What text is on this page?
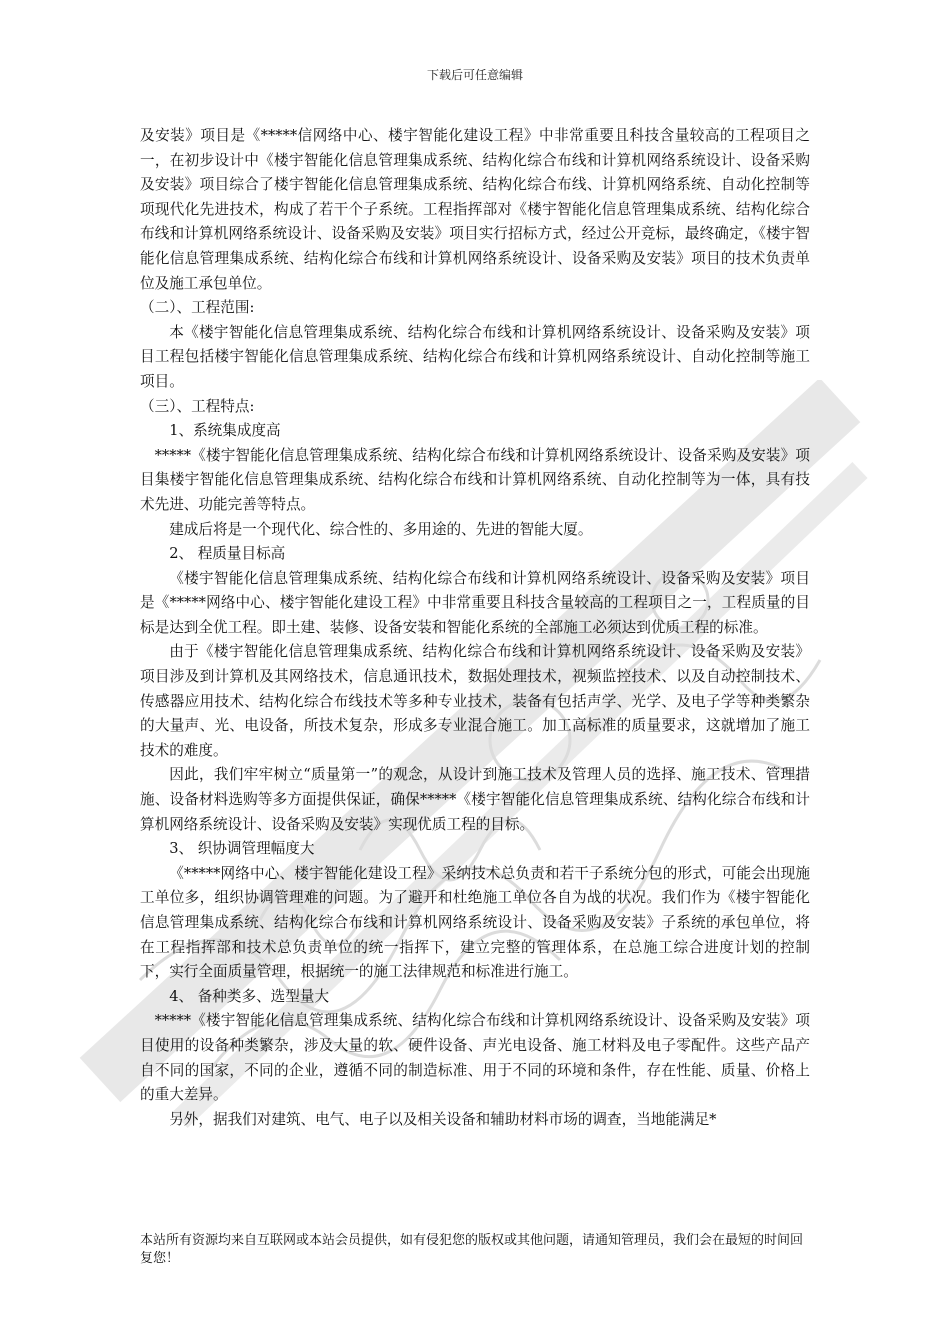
下载后可任意编辑

及安装》项目是《*****信网络中心、楼宇智能化建设工程》中非常重要且科技含量较高的工程项目之一，在初步设计中《楼宇智能化信息管理集成系统、结构化综合布线和计算机网络系统设计、设备采购及安装》项目综合了楼宇智能化信息管理集成系统、结构化综合布线、计算机网络系统、自动化控制等项现代化先进技术，构成了若干个子系统。工程指挥部对《楼宇智能化信息管理集成系统、结构化综合布线和计算机网络系统设计、设备采购及安装》项目实行招标方式，经过公开竞标，最终确定，《楼宇智能化信息管理集成系统、结构化综合布线和计算机网络系统设计、设备采购及安装》项目的技术负责单位及施工承包单位。

（二）、工程范围:

本《楼宇智能化信息管理集成系统、结构化综合布线和计算机网络系统设计、设备采购及安装》项目工程包括楼宇智能化信息管理集成系统、结构化综合布线和计算机网络系统设计、自动化控制等施工项目。

（三）、工程特点:

1、系统集成度高

*****《楼宇智能化信息管理集成系统、结构化综合布线和计算机网络系统设计、设备采购及安装》项目集楼宇智能化信息管理集成系统、结构化综合布线和计算机网络系统、自动化控制等为一体，具有技术先进、功能完善等特点。

建成后将是一个现代化、综合性的、多用途的、先进的智能大厦。

2、 程质量目标高

《楼宇智能化信息管理集成系统、结构化综合布线和计算机网络系统设计、设备采购及安装》项目是《*****网络中心、楼宇智能化建设工程》中非常重要且科技含量较高的工程项目之一，工程质量的目标是达到全优工程。即土建、装修、设备安装和智能化系统的全部施工必须达到优质工程的标准。

由于《楼宇智能化信息管理集成系统、结构化综合布线和计算机网络系统设计、设备采购及安装》项目涉及到计算机及其网络技术，信息通讯技术，数据处理技术，视频监控技术、以及自动控制技术、传感器应用技术、结构化综合布线技术等多种专业技术，装备有包括声学、光学、及电子学等种类繁杂的大量声、光、电设备，所技术复杂，形成多专业混合施工。加工高标准的质量要求，这就增加了施工技术的难度。

因此，我们牢牢树立“质量第一”的观念，从设计到施工技术及管理人员的选择、施工技术、管理措施、设备材料选购等多方面提供保证，确保*****《楼宇智能化信息管理集成系统、结构化综合布线和计算机网络系统设计、设备采购及安装》实现优质工程的目标。

3、 织协调管理幅度大

《*****网络中心、楼宇智能化建设工程》采纳技术总负责和若干子系统分包的形式，可能会出现施工单位多，组织协调管理难的问题。为了避开和杜绝施工单位各自为战的状况。我们作为《楼宇智能化信息管理集成系统、结构化综合布线和计算机网络系统设计、设备采购及安装》子系统的承包单位，将在工程指挥部和技术总负责单位的统一指挥下，建立完整的管理体系，在总施工综合进度计划的控制下，实行全面质量管理，根据统一的施工法律规范和标准进行施工。

4、 备种类多、选型量大

*****《楼宇智能化信息管理集成系统、结构化综合布线和计算机网络系统设计、设备采购及安装》项目使用的设备种类繁杂，涉及大量的软、硬件设备、声光电设备、施工材料及电子零配件。这些产品产自不同的国家，不同的企业，遵循不同的制造标准、用于不同的环境和条件，存在性能、质量、价格上的重大差异。

另外，据我们对建筑、电气、电子以及相关设备和辅助材料市场的调查，当地能满足*

本站所有资源均来自互联网或本站会员提供，如有侵犯您的版权或其他问题，请通知管理员，我们会在最短的时间回复您！
